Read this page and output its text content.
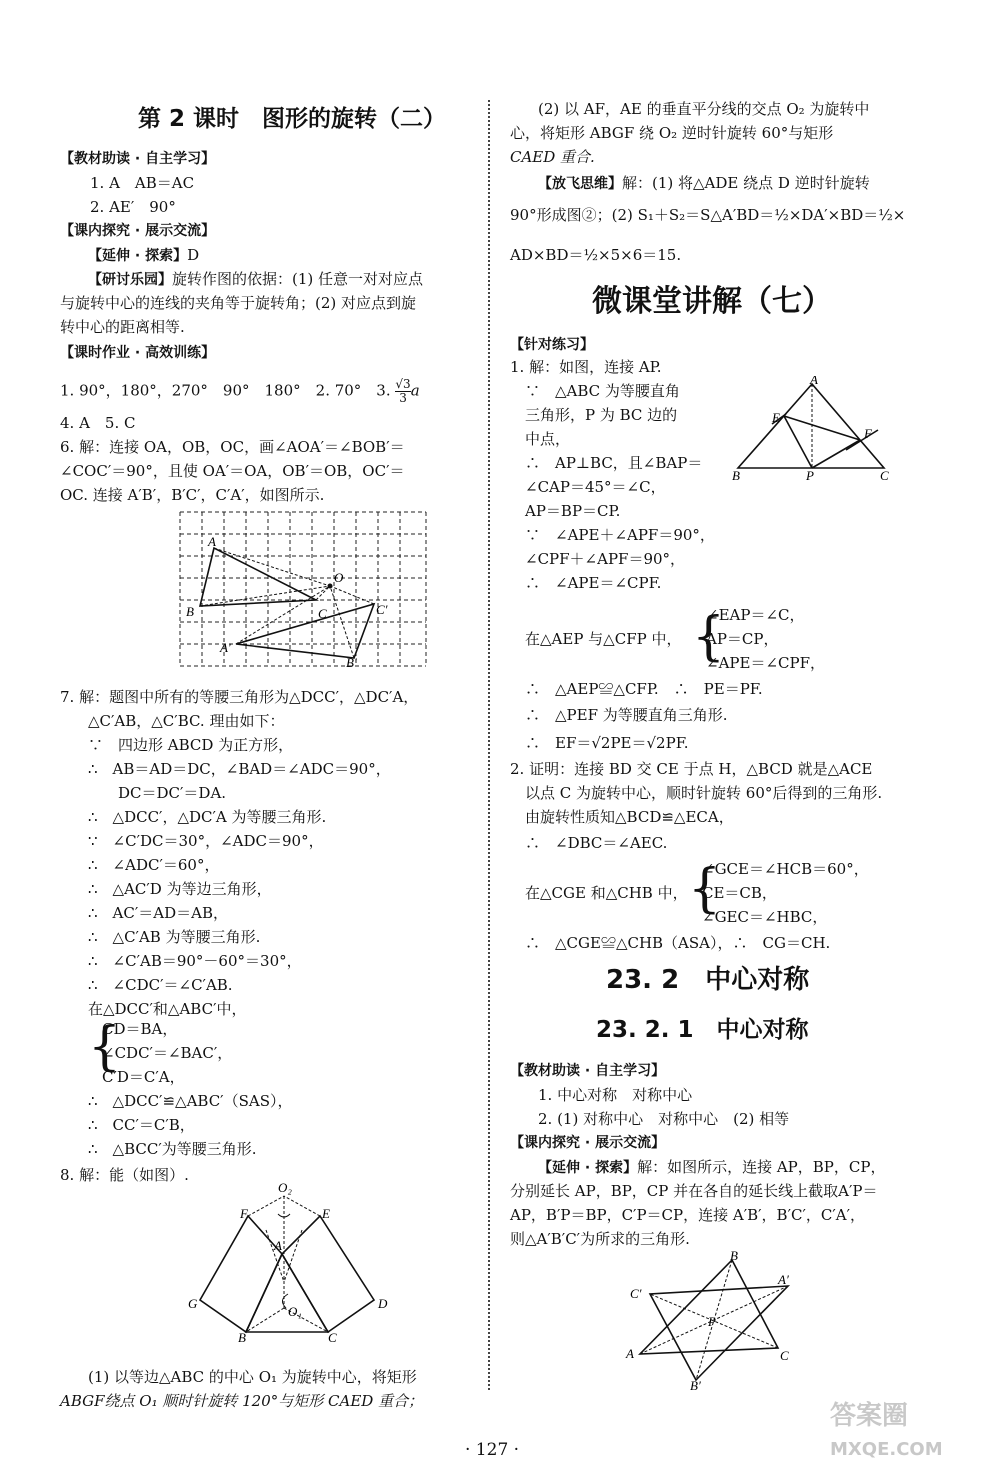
第 2 课时　图形的旋转（二）
【教材助读 · 自主学习】
1. A　AB＝AC
2. AE′　90°
【课内探究 · 展示交流】
【延伸 · 探索】D
【研讨乐园】旋转作图的依据：(1) 任意一对对应点
与旋转中心的连线的夹角等于旋转角；(2) 对应点到旋
转中心的距离相等.
【课时作业 · 高效训练】
1. 90°，180°，270°　90°　180°　2. 70°　3. $\frac{√3}{3}$ a
4. A　5. C
6. 解：连接 OA，OB，OC，画∠AOA′＝∠BOB′＝
∠COC′＝90°，且使 OA′＝OA，OB′＝OB，OC′＝
OC. 连接 A′B′，B′C′，C′A′，如图所示.
A
B	C
O
A′
B′
C′
7. 解：题图中所有的等腰三角形为△DCC′，△DC′A，
△C′AB，△C′BC. 理由如下：
∵　四边形 ABCD 为正方形，
∴　AB＝AD＝DC，∠BAD＝∠ADC＝90°，
　　DC＝DC′＝DA.
∴　△DCC′，△DC′A 为等腰三角形.
∵　∠C′DC＝30°，∠ADC＝90°，
∴　∠ADC′＝60°，
∴　△AC′D 为等边三角形，
∴　AC′＝AD＝AB，
∴　△C′AB 为等腰三角形.
∴　∠C′AB＝90°－60°＝30°，
∴　∠CDC′＝∠C′AB.
在△DCC′和△ABC′中，
{
CD＝BA，
∠CDC′＝∠BAC′，
C′D＝C′A，
∴　△DCC′≌△ABC′（SAS），
∴　CC′＝C′B，
∴　△BCC′为等腰三角形.
8. 解：能（如图）.
O₂
F	E
A
G	D
B	C
O₁
(1) 以等边△ABC 的中心 O₁ 为旋转中心，将矩形
ABGF绕点 O₁ 顺时针旋转 120°与矩形 CAED 重合；
(2) 以 AF，AE 的垂直平分线的交点 O₂ 为旋转中
心，将矩形 ABGF 绕 O₂ 逆时针旋转 60°与矩形
CAED 重合.
【放飞思维】解：(1) 将△ADE 绕点 D 逆时针旋转
90°形成图②；(2) S₁＋S₂＝S△A′BD＝½×DA′×BD＝½×
AD×BD＝½×5×6＝15.
微课堂讲解（七）
【针对练习】
1. 解：如图，连接 AP.
　∵　△ABC 为等腰直角
　三角形，P 为 BC 边的
　中点，
　∴　AP⊥BC，且∠BAP＝
　∠CAP＝45°＝∠C，
　AP＝BP＝CP.
　∵　∠APE＋∠APF＝90°，
　∠CPF＋∠APF＝90°，
　∴　∠APE＝∠CPF.
A
E
F
B	P	C
　在△AEP 与△CFP 中， {
∠EAP＝∠C，
AP＝CP，
∠APE＝∠CPF，
　∴　△AEP≌△CFP.　∴　PE＝PF.
　∴　△PEF 为等腰直角三角形.
　∴　EF＝√2PE＝√2PF.
2. 证明：连接 BD 交 CE 于点 H，△BCD 就是△ACE
　以点 C 为旋转中心，顺时针旋转 60°后得到的三角形.
　由旋转性质知△BCD≌△ECA，
　∴　∠DBC＝∠AEC.
　在△CGE 和△CHB 中， {
∠GCE＝∠HCB＝60°，
CE＝CB，
∠GEC＝∠HBC，
　∴　△CGE≌△CHB（ASA），∴　CG＝CH.
23. 2　中心对称
23. 2. 1　中心对称
【教材助读 · 自主学习】
1. 中心对称　对称中心
2. (1) 对称中心　对称中心　(2) 相等
【课内探究 · 展示交流】
【延伸 · 探索】解：如图所示，连接 AP，BP，CP，
分别延长 AP，BP，CP 并在各自的延长线上截取A′P＝
AP，B′P＝BP，C′P＝CP，连接 A′B′，B′C′，C′A′，
则△A′B′C′为所求的三角形.
B
C′
A′
P
A	C
B′
· 127 ·
答案圈
MXQE.COM
